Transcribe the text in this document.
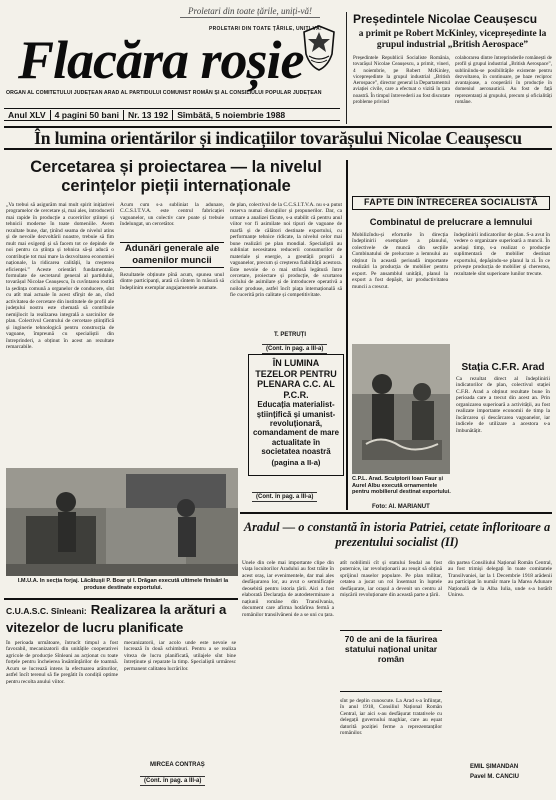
Proletari din toate țările, uniți-vă!
PROLETARI DIN TOATE ȚĂRILE, UNIȚI-VĂ!
Flacăra roșie
ORGAN AL COMITETULUI JUDEȚEAN ARAD AL PARTIDULUI COMUNIST ROMÂN ȘI AL CONSILIULUI POPULAR JUDEȚEAN
Anul XLV	4 pagini 50 bani	Nr. 13 192	Sîmbătă, 5 noiembrie 1988
Președintele Nicolae Ceaușescu
a primit pe Robert McKinley, vicepreședinte la grupul industrial „British Aerospace”

Președintele Republicii Socialiste România, tovarășul Nicolae Ceaușescu, a primit, vineri, 4 noiembrie, pe Robert McKinley, vicepreședinte la grupul industrial „British Aerospace”, director general la Departamentul aviației civile, care a efectuat o vizită în țara noastră. În timpul întrevederii au fost discutate probleme privind

colaborarea dintre întreprinderile românești de profil și grupul industrial „British Aerospace”, subliniindu-se posibilitățile existente pentru dezvoltarea, în continuare, pe baze reciproc avantajoase, a cooperării în producție în domeniul aeronauticii. Au fost de față reprezentanți ai grupului, precum și oficialități române.

În lumina orientărilor și indicațiilor tovarășului Nicolae Ceaușescu
Cercetarea și proiectarea — la nivelul cerințelor pieții internaționale
„Va trebui să asigurăm mai mult spirit inițiativei programelor de cercetare și, mai ales, introducerii mai rapide în producție a cuceririlor științei și tehnicii moderne în toate domeniile. Avem rezultate bune, dar, ținînd seama de nivelul atins și de nevoile dezvoltării noastre, trebuie să fim mult mai exigenți și să facem tot ce depinde de noi pentru ca știința și tehnica să-și aducă o contribuție tot mai mare la dezvoltarea economiei naționale, la ridicarea calității, la creșterea eficienței.” Aceste orientări fundamentale, formulate de secretarul general al partidului, tovarășul Nicolae Ceaușescu, în cuvîntarea rostită la ședința comună a organelor de conducere, sînt cu atît mai actuale în acest sfîrșit de an, cînd activitatea de cercetare din institutele de profil ale județului nostru este chemată să contribuie nemijlocit la realizarea integrală a sarcinilor de plan. Colectivul Centrului de cercetare științifică și inginerie tehnologică pentru construcția de vagoane, împreună cu specialiștii din întreprinderi, a obținut în acest an rezultate remarcabile.
Acum cum s-a subliniat la adunare, C.C.S.I.T.V.A. este centrul fabricației vagoanelor, un colectiv care poate și trebuie îndelungat, un cercetător.
Adunări generale ale oamenilor muncii
Rezultatele obținute pînă acum, spunea unul dintre participanți, arată că sîntem în măsură să îndeplinim exemplar angajamentele asumate.
de plan, colectivul de la C.C.S.I.T.V.A. nu s-a putut rezerva numai discuțiilor și propunerilor. Dar, ca urmare a analizei făcute, s-a stabilit că pentru anul viitor vor fi asimilate noi tipuri de vagoane de marfă și de călători destinate exportului, cu performanțe tehnice ridicate, la nivelul celor mai bune realizări pe plan mondial. Specialiștii au subliniat necesitatea reducerii consumurilor de materiale și energie, a greutății proprii a vagoanelor, precum și creșterea fiabilității acestora. Este nevoie de o mai strînsă legătură între cercetare, proiectare și producție, de scurtarea ciclului de asimilare și de introducere operativă a noilor produse, astfel încît piața internațională să fie cucerită prin calitate și competitivitate.
T. PETRUȚI
(Cont. în pag. a III-a)
I.M.U.A. In secția forjaj. Lăcătușii P. Boar și I. Drăgan execută ultimele finisări la produse destinate exportului.
ÎN LUMINA TEZELOR PENTRU PLENARA C.C. AL P.C.R.
Educația materialist-științifică și umanist-revoluționară, comandament de mare actualitate în societatea noastră
(pagina a II-a)
FAPTE DIN ÎNTRECEREA SOCIALISTĂ
Combinatul de prelucrare a lemnului
Mobilizîndu-și eforturile în direcția îndeplinirii exemplare a planului, colectivele de muncă din secțiile Combinatului de prelucrare a lemnului au obținut în această perioadă importante realizări la producția de mobilier pentru export. Pe ansamblul unității, planul la export a fost depășit, iar productivitatea muncii a crescut.
îndeplinirii indicatorilor de plan. S-a avut în vedere o organizare superioară a muncii. În același timp, s-a realizat o producție suplimentară de mobilier destinat exportului, depășindu-se planul la zi. În ce privește producția de mobilier și cherestea, rezultatele sînt superioare lunilor trecute.
C.P.L. Arad. Sculptorii Ioan Faur și Aurel Albu execută ornamentele pentru mobilierul destinat exportului.
Foto: Al. MARIANUT
Stația C.F.R. Arad
Ca rezultat direct al îndeplinirii indicatorilor de plan, colectivul stației C.F.R. Arad a obținut rezultate bune în perioada care a trecut din acest an. Prin organizarea superioară a activității, au fost realizate importante economii de timp la încărcarea și descărcarea vagoanelor, iar indicele de utilizare a acestora s-a îmbunătățit.
(Cont. în pag. a III-a)
Aradul — o constantă în istoria Patriei, cetate înfloritoare a prezentului socialist (II)
Unele din cele mai importante clipe din viața locuitorilor Aradului au fost trăite în acest oraș, iar evenimentele, dar mai ales desfășurarea lor, au avut o semnificație deosebită pentru istoria țării. Aici a fost elaborată Declarația de autodeterminare a națiunii române din Transilvania, document care afirma hotărîrea fermă a românilor transilvăneni de a se uni cu țara.
atît nobilimii cît și statului feudal au fost puternice, iar revoluționarii au reușit să obțină sprijinul maselor populare. Pe plan militar, cetatea a jucat un rol însemnat în luptele desfășurate, iar orașul a devenit un centru al mișcării revoluționare din această parte a țării.
70 de ani de la făurirea statului național unitar român
sînt pe deplin cunoscute. La Arad s-a înființat, în anul 1918, Consiliul Național Român Central, iar aici s-au desfășurat tratativele cu delegații guvernului maghiar, care au eșuat datorită poziției ferme a reprezentanților românilor.
din partea Consiliului Național Român Central, au fost trimiși delegați în toate comitatele Transilvaniei, iar la 1 Decembrie 1918 arădenii au participat în număr mare la Marea Adunare Națională de la Alba Iulia, unde s-a hotărît Unirea.
EMIL ȘIMANDAN
Pavel M. CANCIU
C.U.A.S.C. Sînleani: Realizarea la arături a vitezelor de lucru planificate
În perioada următoare, întrucît timpul a fost favorabil, mecanizatorii din unitățile cooperativei agricole de producție Sînleani au acționat cu toate forțele pentru încheierea însămînțărilor de toamnă. Acum se lucrează intens la efectuarea arăturilor, astfel încît terenul să fie pregătit în condiții optime pentru recolta anului viitor.
mecanizatorii, iar acolo unde este nevoie se lucrează în două schimburi. Pentru a se realiza viteza de lucru planificată, utilajele sînt bine întreținute și reparate la timp. Specialiștii urmăresc permanent calitatea lucrărilor.
MIRCEA CONTRAȘ
(Cont. în pag. a III-a)
